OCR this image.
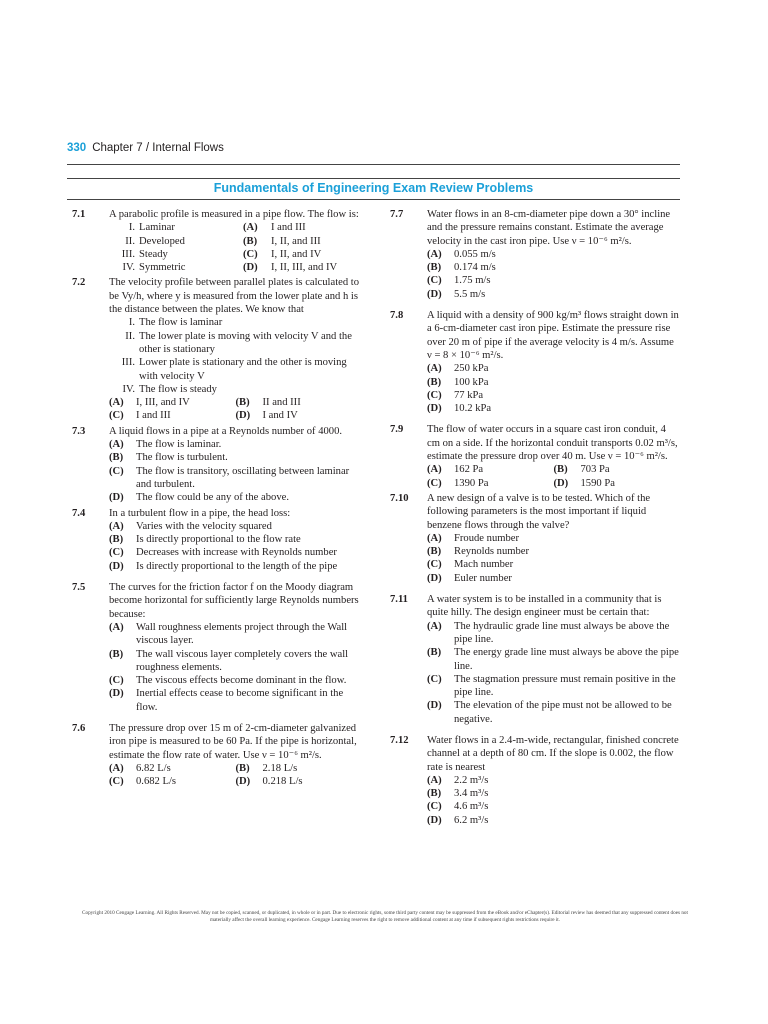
330 Chapter 7 / Internal Flows
Fundamentals of Engineering Exam Review Problems
7.1 A parabolic profile is measured in a pipe flow. The flow is:
I. Laminar	(A)	I and III
II. Developed	(B)	I, II, and III
III. Steady	(C)	I, II, and IV
IV. Symmetric	(D)	I, II, III, and IV
7.2 The velocity profile between parallel plates is calculated to be Vy/h, where y is measured from the lower plate and h is the distance between the plates. We know that
I. The flow is laminar
II. The lower plate is moving with velocity V and the other is stationary
III. Lower plate is stationary and the other is moving with velocity V
IV. The flow is steady
(A) I, III, and IV	(B) II and III
(C) I and III	(D) I and IV
7.3 A liquid flows in a pipe at a Reynolds number of 4000.
(A) The flow is laminar.
(B) The flow is turbulent.
(C) The flow is transitory, oscillating between laminar and turbulent.
(D) The flow could be any of the above.
7.4 In a turbulent flow in a pipe, the head loss:
(A) Varies with the velocity squared
(B) Is directly proportional to the flow rate
(C) Decreases with increase with Reynolds number
(D) Is directly proportional to the length of the pipe
7.5 The curves for the friction factor f on the Moody diagram become horizontal for sufficiently large Reynolds numbers because:
(A) Wall roughness elements project through the Wall viscous layer.
(B) The wall viscous layer completely covers the wall roughness elements.
(C) The viscous effects become dominant in the flow.
(D) Inertial effects cease to become significant in the flow.
7.6 The pressure drop over 15 m of 2-cm-diameter galvanized iron pipe is measured to be 60 Pa. If the pipe is horizontal, estimate the flow rate of water. Use ν = 10⁻⁶ m²/s.
(A) 6.82 L/s	(B) 2.18 L/s
(C) 0.682 L/s	(D) 0.218 L/s
7.7 Water flows in an 8-cm-diameter pipe down a 30° incline and the pressure remains constant. Estimate the average velocity in the cast iron pipe. Use ν = 10⁻⁶ m²/s.
(A) 0.055 m/s
(B) 0.174 m/s
(C) 1.75 m/s
(D) 5.5 m/s
7.8 A liquid with a density of 900 kg/m³ flows straight down in a 6-cm-diameter cast iron pipe. Estimate the pressure rise over 20 m of pipe if the average velocity is 4 m/s. Assume ν = 8 × 10⁻⁶ m²/s.
(A) 250 kPa
(B) 100 kPa
(C) 77 kPa
(D) 10.2 kPa
7.9 The flow of water occurs in a square cast iron conduit, 4 cm on a side. If the horizontal conduit transports 0.02 m³/s, estimate the pressure drop over 40 m. Use ν = 10⁻⁶ m²/s.
(A) 162 Pa	(B) 703 Pa
(C) 1390 Pa	(D) 1590 Pa
7.10 A new design of a valve is to be tested. Which of the following parameters is the most important if liquid benzene flows through the valve?
(A) Froude number
(B) Reynolds number
(C) Mach number
(D) Euler number
7.11 A water system is to be installed in a community that is quite hilly. The design engineer must be certain that:
(A) The hydraulic grade line must always be above the pipe line.
(B) The energy grade line must always be above the pipe line.
(C) The stagmation pressure must remain positive in the pipe line.
(D) The elevation of the pipe must not be allowed to be negative.
7.12 Water flows in a 2.4-m-wide, rectangular, finished concrete channel at a depth of 80 cm. If the slope is 0.002, the flow rate is nearest
(A) 2.2 m³/s
(B) 3.4 m³/s
(C) 4.6 m³/s
(D) 6.2 m³/s
Copyright 2010 Cengage Learning. All Rights Reserved. May not be copied, scanned, or duplicated, in whole or in part. Due to electronic rights, some third party content may be suppressed from the eBook and/or eChapter(s). Editorial review has deemed that any suppressed content does not materially affect the overall learning experience. Cengage Learning reserves the right to remove additional content at any time if subsequent rights restrictions require it.
